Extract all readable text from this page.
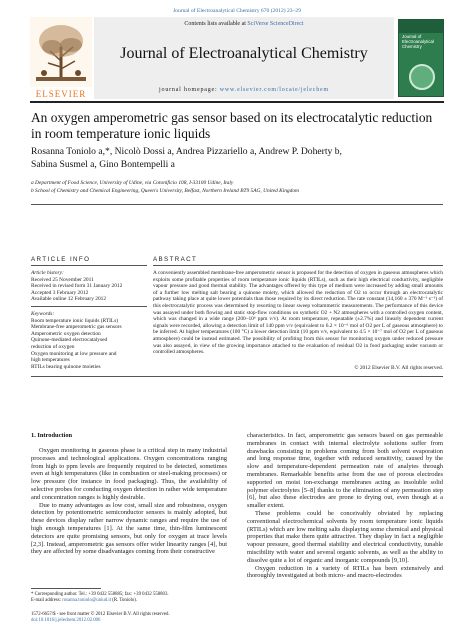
Journal of Electroanalytical Chemistry 670 (2012) 23–29
ELSEVIER
Contents lists available at SciVerse ScienceDirect
Journal of Electroanalytical Chemistry
journal homepage: www.elsevier.com/locate/jelechem
Journal of Electroanalytical Chemistry
An oxygen amperometric gas sensor based on its electrocatalytic reduction in room temperature ionic liquids
Rosanna Toniolo a,*, Nicolò Dossi a, Andrea Pizzariello a, Andrew P. Doherty b,
Sabina Susmel a, Gino Bontempelli a
a Department of Food Science, University of Udine, via Cotonificio 108, I-33100 Udine, Italy
b School of Chemistry and Chemical Engineering, Queen's University, Belfast, Northern Ireland BT9 5AG, United Kingdom
ARTICLE INFO
Article history:
Received 25 November 2011
Received in revised form 31 January 2012
Accepted 3 February 2012
Available online 12 February 2012
Keywords:
Room temperature ionic liquids (RTILs)
Membrane-free amperometric gas sensors
Amperometric oxygen detection
Quinone-mediated electrocatalysed
reduction of oxygen
Oxygen monitoring at low pressure and
high temperatures
RTILs bearing quinone moieties
ABSTRACT
A conveniently assembled membrane-free amperometric sensor is proposed for the detection of oxygen in gaseous atmospheres which exploits some profitable properties of room temperature ionic liquids (RTILs), such as their high electrical conductivity, negligible vapour pressure and good thermal stability. The advantages offered by this type of medium were increased by adding small amounts of a further low melting salt bearing a quinone moiety, which allowed the reduction of O2 to occur through an electrocatalytic pathway taking place at quite lower potentials than those required by its direct reduction. The rate constant (14,160 ± 370 M⁻¹ s⁻¹) of this electrocatalytic process was determined by resorting to linear sweep voltammetric measurements. The performance of this device was assayed under both flowing and static stop-flow conditions on synthetic O2 + N2 atmospheres with a controlled oxygen content, which was changed in a wide range (200–10⁶ ppm v/v). At room temperature, repeatable (±2.7%) and linearly dependent current signals were recorded, allowing a detection limit of 140 ppm v/v (equivalent to 6.2 × 10⁻⁶ mol of O2 per L of gaseous atmosphere) to be inferred. At higher temperatures (100 °C) a lower detection limit (10 ppm v/v, equivalent to 4.5 × 10⁻⁷ mol of O2 per L of gaseous atmosphere) could be instead estimated. The possibility of profiting from this sensor for monitoring oxygen under reduced pressure was also assayed, in view of the growing importance attached to the evaluation of residual O2 in food packaging under vacuum or controlled atmospheres.
© 2012 Elsevier B.V. All rights reserved.
1. Introduction

Oxygen monitoring in gaseous phase is a critical step in many industrial processes and technological applications. Oxygen concentrations ranging from high to ppm levels are frequently required to be detected, sometimes even at high temperatures (like in combustion or steel-making processes) or low pressure (for instance in food packaging). Thus, the availability of selective probes for conducting oxygen detection in rather wide temperature and concentration ranges is highly desirable.

Due to many advantages as low cost, small size and robustness, oxygen detection by potentiometric semiconductor sensors is mainly adopted, but these devices display rather narrow dynamic ranges and require the use of high enough temperatures [1]. At the same time, thin-film luminescent detectors are quite promising sensors, but only for oxygen at trace levels [2,3]. Instead, amperometric gas sensors offer wider linearity ranges [4], but they are affected by some disadvantages coming from their constructive

characteristics. In fact, amperometric gas sensors based on gas permeable membranes in contact with internal electrolyte solutions suffer from drawbacks consisting in problems coming from both solvent evaporation and long response time, together with reduced sensitivity, caused by the slow and temperature-dependent permeation rate of analytes through membranes. Remarkable benefits arise from the use of porous electrodes supported on moist ion-exchange membranes acting as insoluble solid polymer electrolytes [5–8] thanks to the elimination of any permeation step [6], but also these electrodes are prone to drying out, even though at a smaller extent.

These problems could be conceivably obviated by replacing conventional electrochemical solvents by room temperature ionic liquids (RTILs) which are low melting salts displaying some chemical and physical properties that make them quite attractive. They display in fact a negligible vapour pressure, good thermal stability and electrical conductivity, tunable miscibility with water and several organic solvents, as well as the ability to dissolve quite a lot of organic and inorganic compounds [9,10].

Oxygen reduction in a variety of RTILs has been extensively and thoroughly investigated at both micro- and macro-electrodes

* Corresponding author. Tel.: +39 0432 558885; fax: +39 0432 558803.
E-mail address: rosanna.toniolo@uniud.it (R. Toniolo).
1572-6657/$ - see front matter © 2012 Elsevier B.V. All rights reserved.
doi:10.1016/j.jelechem.2012.02.006
